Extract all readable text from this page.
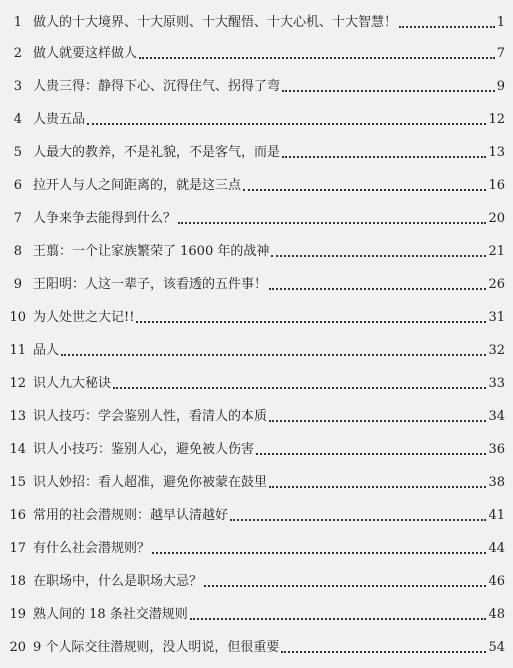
1 做人的十大境界、十大原则、十大醒悟、十大心机、十大智慧！	1
2 做人就要这样做人	7
3 人贵三得：静得下心、沉得住气、拐得了弯	9
4 人贵五品	12
5 人最大的教养，不是礼貌，不是客气，而是	13
6 拉开人与人之间距离的，就是这三点	16
7 人争来争去能得到什么？	20
8 王翦：一个让家族繁荣了 1600 年的战神	21
9 王阳明：人这一辈子，该看透的五件事！	26
10 为人处世之大记!!	31
11 品人	32
12 识人九大秘诀	33
13 识人技巧：学会鉴别人性，看清人的本质	34
14 识人小技巧：鉴别人心，避免被人伤害	36
15 识人妙招：看人超准，避免你被蒙在鼓里	38
16 常用的社会潜规则：越早认清越好	41
17 有什么社会潜规则？	44
18 在职场中，什么是职场大忌？	46
19 熟人间的 18 条社交潜规则	48
20 9 个人际交往潜规则，没人明说，但很重要	54
